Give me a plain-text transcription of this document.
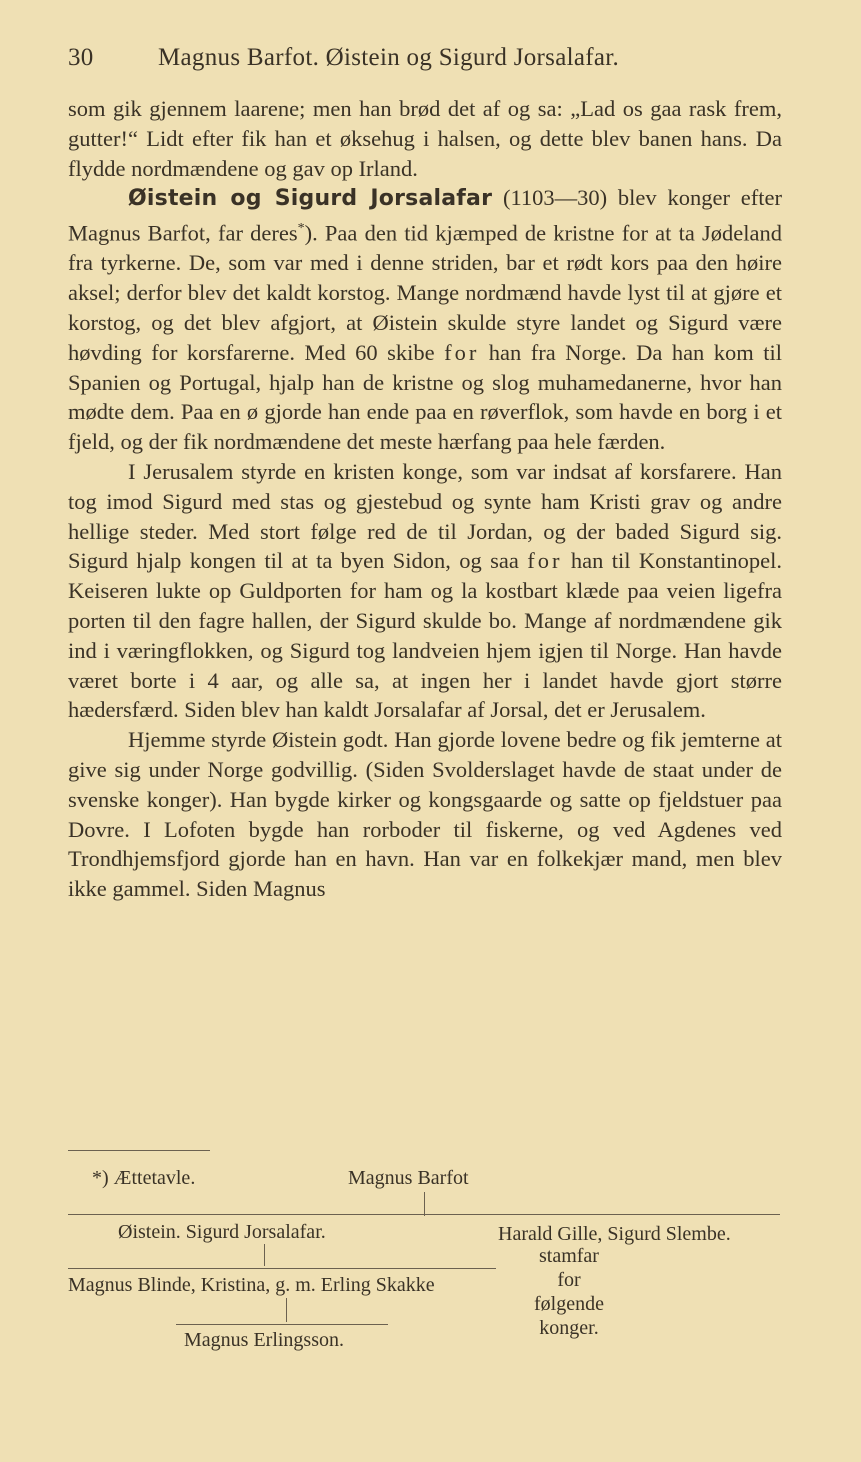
30	Magnus Barfot. Øistein og Sigurd Jorsalafar.

som gik gjennem laarene; men han brød det af og sa: „Lad os gaa rask frem, gutter!“ Lidt efter fik han et øksehug i halsen, og dette blev banen hans. Da flydde nordmændene og gav op Irland.

Øistein og Sigurd Jorsalafar (1103—30) blev konger efter Magnus Barfot, far deres*). Paa den tid kjæmped de kristne for at ta Jødeland fra tyrkerne. De, som var med i denne striden, bar et rødt kors paa den høire aksel; derfor blev det kaldt korstog. Mange nordmænd havde lyst til at gjøre et korstog, og det blev afgjort, at Øistein skulde styre landet og Sigurd være høvding for korsfarerne. Med 60 skibe for han fra Norge. Da han kom til Spanien og Portugal, hjalp han de kristne og slog muhamedanerne, hvor han mødte dem. Paa en ø gjorde han ende paa en røverflok, som havde en borg i et fjeld, og der fik nordmændene det meste hærfang paa hele færden.

I Jerusalem styrde en kristen konge, som var indsat af korsfarere. Han tog imod Sigurd med stas og gjestebud og synte ham Kristi grav og andre hellige steder. Med stort følge red de til Jordan, og der baded Sigurd sig. Sigurd hjalp kongen til at ta byen Sidon, og saa for han til Konstantinopel. Keiseren lukte op Guldporten for ham og la kostbart klæde paa veien ligefra porten til den fagre hallen, der Sigurd skulde bo. Mange af nordmændene gik ind i væringflokken, og Sigurd tog landveien hjem igjen til Norge. Han havde været borte i 4 aar, og alle sa, at ingen her i landet havde gjort større hædersfærd. Siden blev han kaldt Jorsalafar af Jorsal, det er Jerusalem.

Hjemme styrde Øistein godt. Han gjorde lovene bedre og fik jemterne at give sig under Norge godvillig. (Siden Svolderslaget havde de staat under de svenske konger). Han bygde kirker og kongsgaarde og satte op fjeldstuer paa Dovre. I Lofoten bygde han rorboder til fiskerne, og ved Agdenes ved Trondhjemsfjord gjorde han en havn. Han var en folkekjær mand, men blev ikke gammel. Siden Magnus

*) Ættetavle.	Magnus Barfot
Øistein. Sigurd Jorsalafar.	Harald Gille, Sigurd Slembe.
stamfar
for
følgende
konger.
Magnus Blinde, Kristina, g. m. Erling Skakke
Magnus Erlingsson.
